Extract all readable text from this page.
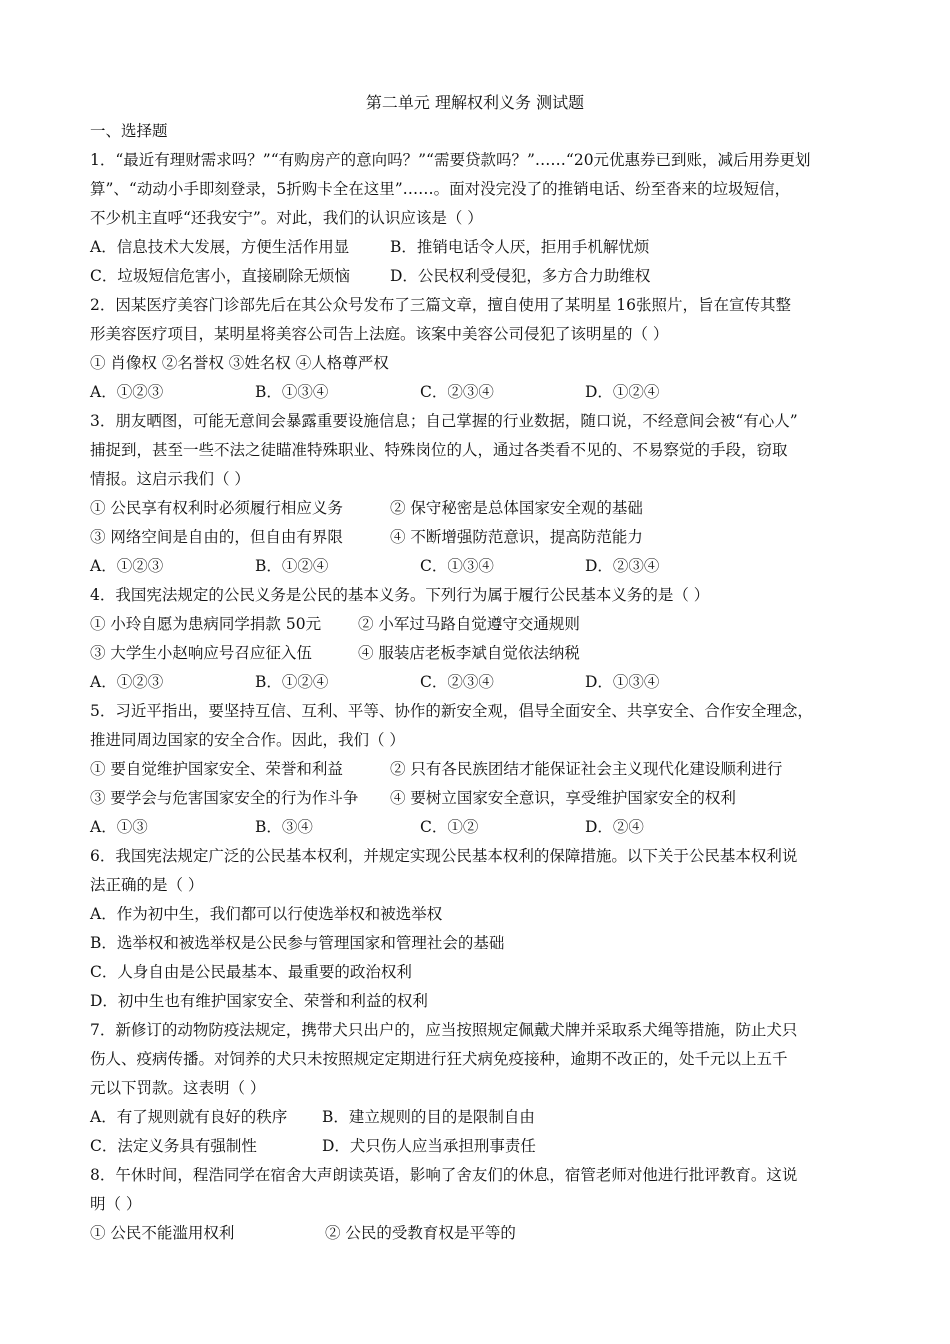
第二单元 理解权利义务 测试题
一、选择题
1．“最近有理财需求吗？”“有购房产的意向吗？”“需要贷款吗？”……“20元优惠券已到账，减后用券更划
算”、“动动小手即刻登录，5折购卡全在这里”……。面对没完没了的推销电话、纷至沓来的垃圾短信，
不少机主直呼“还我安宁”。对此，我们的认识应该是（ ）
A．信息技术大发展，方便生活作用显	B．推销电话令人厌，拒用手机解忧烦
C．垃圾短信危害小，直接刷除无烦恼	D．公民权利受侵犯，多方合力助维权
2．因某医疗美容门诊部先后在其公众号发布了三篇文章，擅自使用了某明星 16张照片，旨在宣传其整
形美容医疗项目，某明星将美容公司告上法庭。该案中美容公司侵犯了该明星的（ ）
① 肖像权 ②名誉权 ③姓名权 ④人格尊严权
A．①②③	B．①③④	C．②③④	D．①②④
3．朋友晒图，可能无意间会暴露重要设施信息；自己掌握的行业数据，随口说，不经意间会被“有心人”
捕捉到，甚至一些不法之徒瞄准特殊职业、特殊岗位的人，通过各类看不见的、不易察觉的手段，窃取
情报。这启示我们（ ）
① 公民享有权利时必须履行相应义务	② 保守秘密是总体国家安全观的基础
③ 网络空间是自由的，但自由有界限	④ 不断增强防范意识，提高防范能力
A．①②③	B．①②④	C．①③④	D．②③④
4．我国宪法规定的公民义务是公民的基本义务。下列行为属于履行公民基本义务的是（ ）
① 小玲自愿为患病同学捐款 50元 ② 小军过马路自觉遵守交通规则
③ 大学生小赵响应号召应征入伍	④ 服装店老板李斌自觉依法纳税
A．①②③	B．①②④	C．②③④	D．①③④
5．习近平指出，要坚持互信、互利、平等、协作的新安全观，倡导全面安全、共享安全、合作安全理念，
推进同周边国家的安全合作。因此，我们（ ）
① 要自觉维护国家安全、荣誉和利益	② 只有各民族团结才能保证社会主义现代化建设顺利进行
③ 要学会与危害国家安全的行为作斗争 ④ 要树立国家安全意识，享受维护国家安全的权利
A．①③	B．③④	C．①②	D．②④
6．我国宪法规定广泛的公民基本权利，并规定实现公民基本权利的保障措施。以下关于公民基本权利说
法正确的是（ ）
A．作为初中生，我们都可以行使选举权和被选举权
B．选举权和被选举权是公民参与管理国家和管理社会的基础
C．人身自由是公民最基本、最重要的政治权利
D．初中生也有维护国家安全、荣誉和利益的权利
7．新修订的动物防疫法规定，携带犬只出户的，应当按照规定佩戴犬牌并采取系犬绳等措施，防止犬只
伤人、疫病传播。对饲养的犬只未按照规定定期进行狂犬病免疫接种，逾期不改正的，处千元以上五千
元以下罚款。这表明（ ）
A．有了规则就有良好的秩序 B．建立规则的目的是限制自由
C．法定义务具有强制性	D．犬只伤人应当承担刑事责任
8．午休时间，程浩同学在宿舍大声朗读英语，影响了舍友们的休息，宿管老师对他进行批评教育。这说
明（ ）
① 公民不能滥用权利	② 公民的受教育权是平等的
